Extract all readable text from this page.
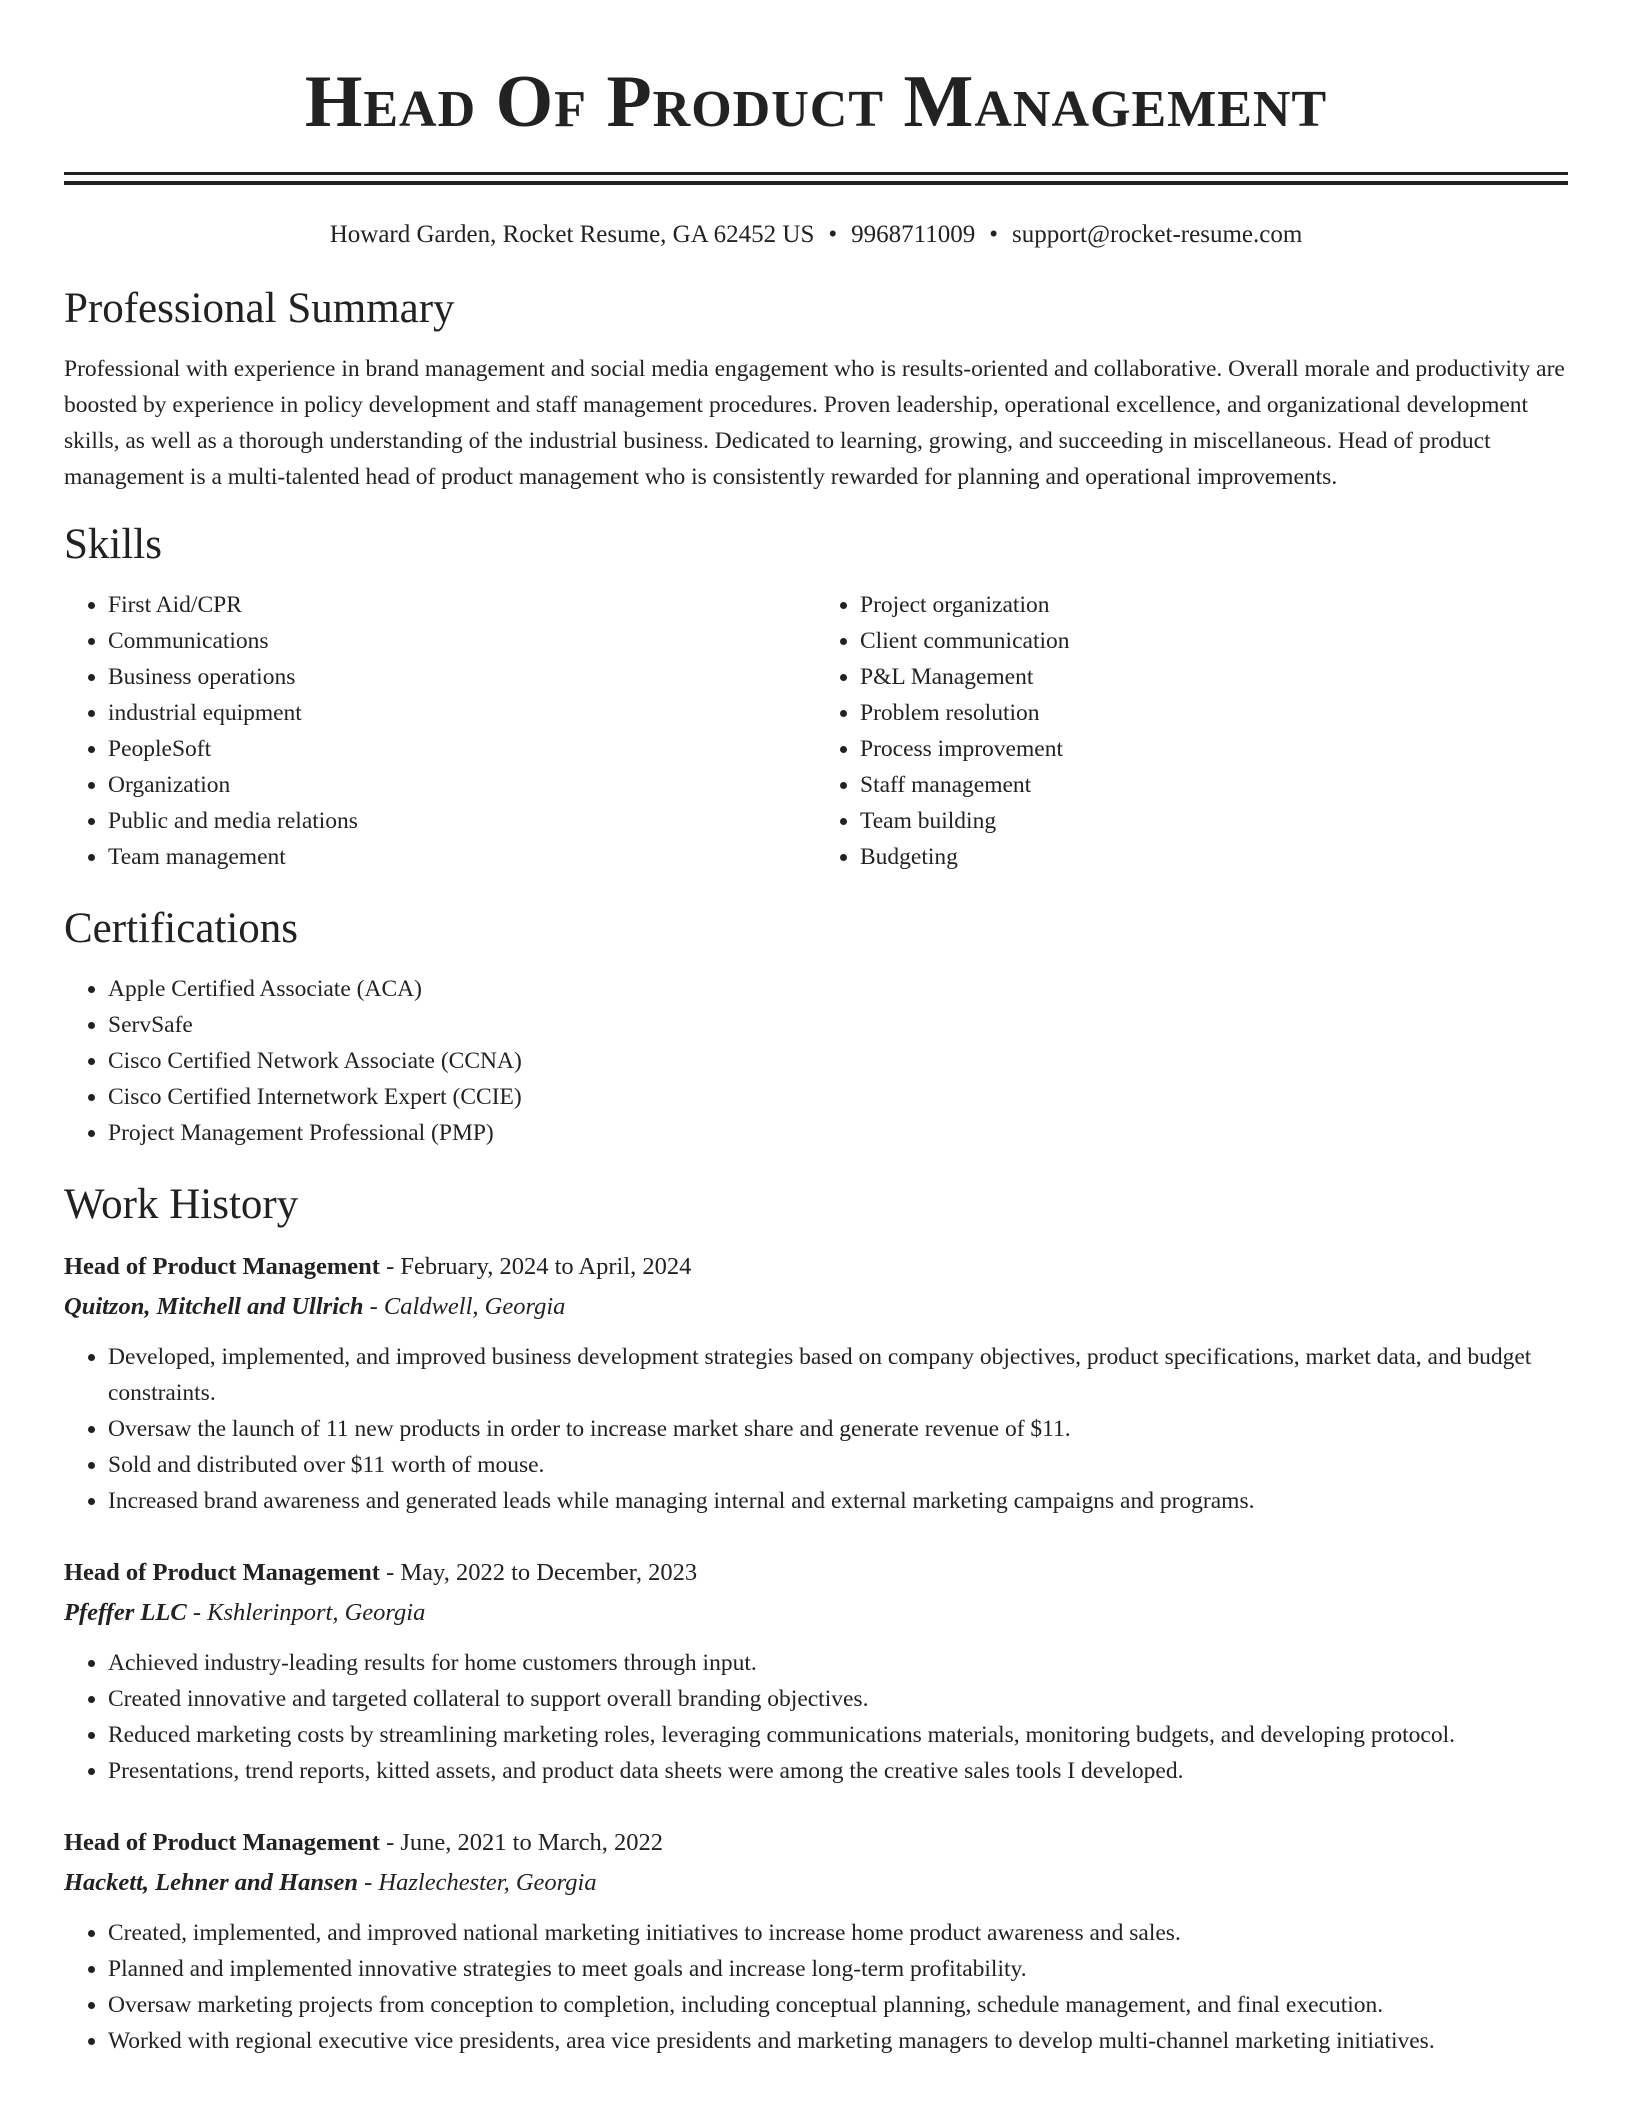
Head Of Product Management
Howard Garden, Rocket Resume, GA 62452 US • 9968711009 • support@rocket-resume.com
Professional Summary

Professional with experience in brand management and social media engagement who is results-oriented and collaborative. Overall morale and productivity are boosted by experience in policy development and staff management procedures. Proven leadership, operational excellence, and organizational development skills, as well as a thorough understanding of the industrial business. Dedicated to learning, growing, and succeeding in miscellaneous. Head of product management is a multi-talented head of product management who is consistently rewarded for planning and operational improvements.

Skills
• First Aid/CPR
• Communications
• Business operations
• industrial equipment
• PeopleSoft
• Organization
• Public and media relations
• Team management
• Project organization
• Client communication
• P&L Management
• Problem resolution
• Process improvement
• Staff management
• Team building
• Budgeting
Certifications
• Apple Certified Associate (ACA)
• ServSafe
• Cisco Certified Network Associate (CCNA)
• Cisco Certified Internetwork Expert (CCIE)
• Project Management Professional (PMP)
Work History
Head of Product Management - February, 2024 to April, 2024
Quitzon, Mitchell and Ullrich - Caldwell, Georgia
• Developed, implemented, and improved business development strategies based on company objectives, product specifications, market data, and budget constraints.
• Oversaw the launch of 11 new products in order to increase market share and generate revenue of $11.
• Sold and distributed over $11 worth of mouse.
• Increased brand awareness and generated leads while managing internal and external marketing campaigns and programs.
Head of Product Management - May, 2022 to December, 2023
Pfeffer LLC - Kshlerinport, Georgia
• Achieved industry-leading results for home customers through input.
• Created innovative and targeted collateral to support overall branding objectives.
• Reduced marketing costs by streamlining marketing roles, leveraging communications materials, monitoring budgets, and developing protocol.
• Presentations, trend reports, kitted assets, and product data sheets were among the creative sales tools I developed.
Head of Product Management - June, 2021 to March, 2022
Hackett, Lehner and Hansen - Hazlechester, Georgia
• Created, implemented, and improved national marketing initiatives to increase home product awareness and sales.
• Planned and implemented innovative strategies to meet goals and increase long-term profitability.
• Oversaw marketing projects from conception to completion, including conceptual planning, schedule management, and final execution.
• Worked with regional executive vice presidents, area vice presidents and marketing managers to develop multi-channel marketing initiatives.
